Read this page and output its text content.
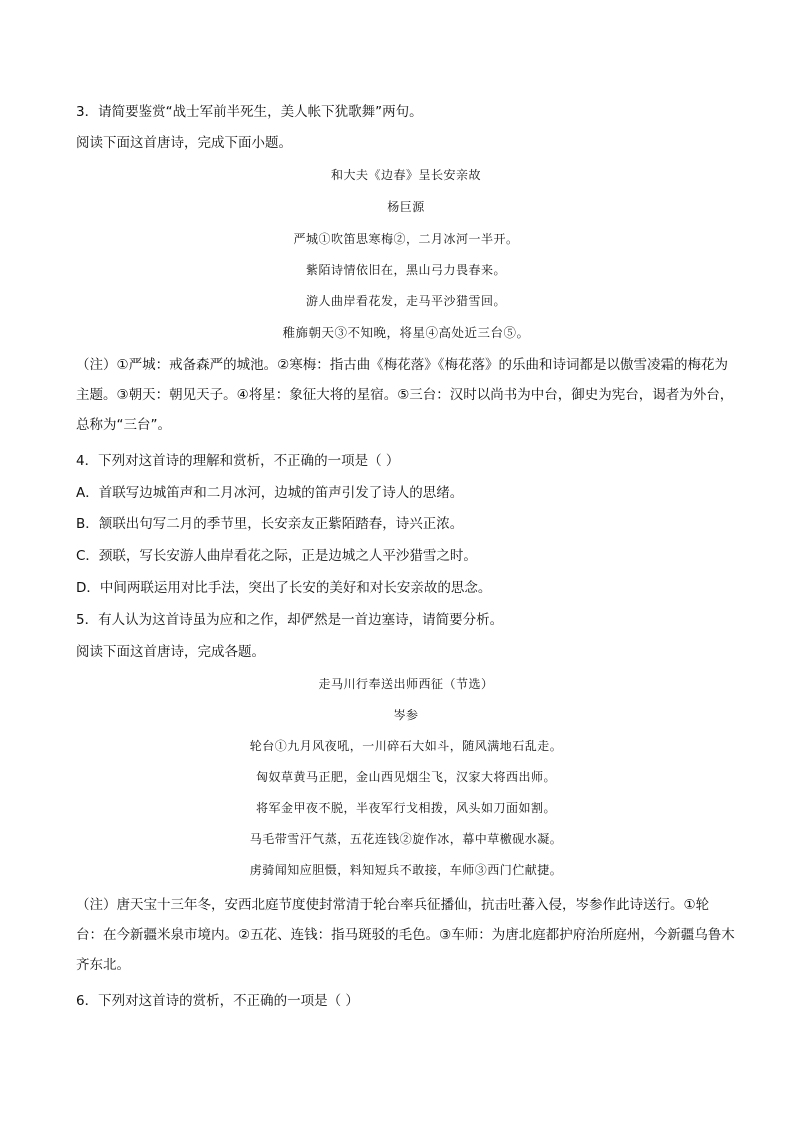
3．请简要鉴赏“战士军前半死生，美人帐下犹歌舞”两句。
阅读下面这首唐诗，完成下面小题。
和大夫《边春》呈长安亲故
杨巨源
严城①吹笛思寒梅②，二月冰河一半开。
紫陌诗情依旧在，黑山弓力畏春来。
游人曲岸看花发，走马平沙猎雪回。
稚旆朝天③不知晚，将星④高处近三台⑤。
（注）①严城：戒备森严的城池。②寒梅：指古曲《梅花落》《梅花落》的乐曲和诗词都是以傲雪凌霜的梅花为主题。③朝天：朝见天子。④将星：象征大将的星宿。⑤三台：汉时以尚书为中台，御史为宪台，谒者为外台，总称为“三台”。
4．下列对这首诗的理解和赏析，不正确的一项是（ ）
A．首联写边城笛声和二月冰河，边城的笛声引发了诗人的思绪。
B．颔联出句写二月的季节里，长安亲友正紫陌踏春，诗兴正浓。
C．颈联，写长安游人曲岸看花之际，正是边城之人平沙猎雪之时。
D．中间两联运用对比手法，突出了长安的美好和对长安亲故的思念。
5．有人认为这首诗虽为应和之作，却俨然是一首边塞诗，请简要分析。
阅读下面这首唐诗，完成各题。
走马川行奉送出师西征（节选）
岑参
轮台①九月风夜吼，一川碎石大如斗，随风满地石乱走。
匈奴草黄马正肥，金山西见烟尘飞，汉家大将西出师。
将军金甲夜不脱，半夜军行戈相拨，风头如刀面如割。
马毛带雪汗气蒸，五花连钱②旋作冰，幕中草檄砚水凝。
虏骑闻知应胆慑，料知短兵不敢接，车师③西门伫献捷。
（注）唐天宝十三年冬，安西北庭节度使封常清于轮台率兵征播仙，抗击吐蕃入侵，岑参作此诗送行。①轮台：在今新疆米泉市境内。②五花、连钱：指马斑驳的毛色。③车师：为唐北庭都护府治所庭州，今新疆乌鲁木齐东北。
6．下列对这首诗的赏析，不正确的一项是（ ）
